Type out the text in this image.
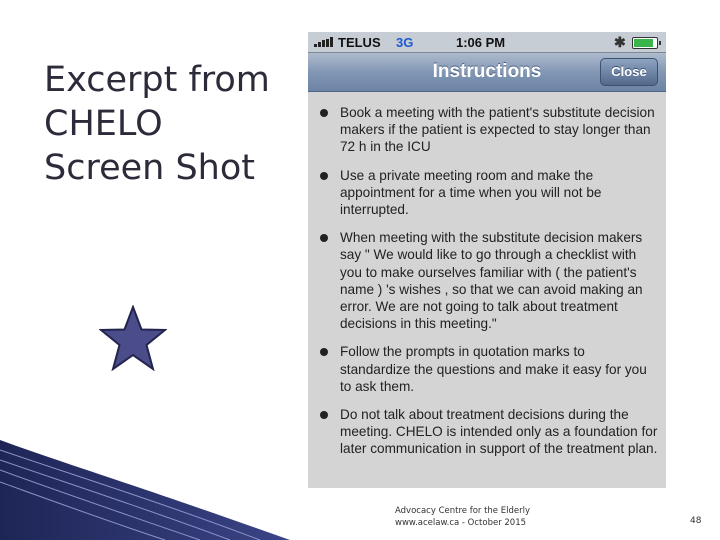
Excerpt from CHELO Screen Shot
TELUS 3G	1:06 PM	✱
Instructions	Close
Book a meeting with the patient's substitute decision makers if the patient is expected to stay longer than 72 h in the ICU
Use a private meeting room and make the appointment for a time when you will not be interrupted.
When meeting with the substitute decision makers say " We would like to go through a checklist with you to make ourselves familiar with ( the patient's name ) 's wishes , so that we can avoid making an error. We are not going to talk about treatment decisions in this meeting."
Follow the prompts in quotation marks to standardize the questions and make it easy for you to ask them.
Do not talk about treatment decisions during the meeting. CHELO is intended only as a foundation for later communication in support of the treatment plan.
Advocacy Centre for the Elderly
www.acelaw.ca - October 2015	48
